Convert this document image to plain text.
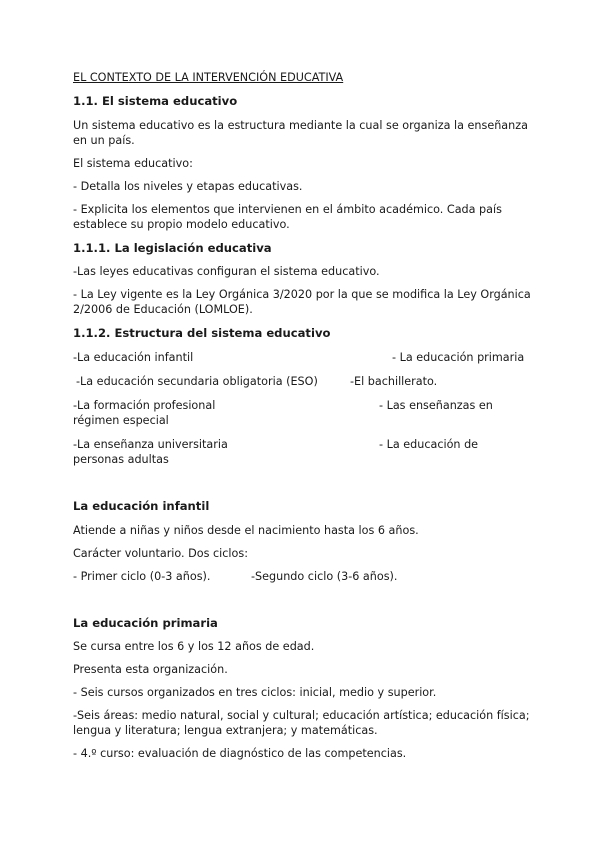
EL CONTEXTO DE LA INTERVENCIÓN EDUCATIVA

1.1. El sistema educativo

Un sistema educativo es la estructura mediante la cual se organiza la enseñanza en un país.

El sistema educativo:

- Detalla los niveles y etapas educativas.

- Explicita los elementos que intervienen en el ámbito académico. Cada país establece su propio modelo educativo.

1.1.1. La legislación educativa

-Las leyes educativas configuran el sistema educativo.

- La Ley vigente es la Ley Orgánica 3/2020 por la que se modifica la Ley Orgánica 2/2006 de Educación (LOMLOE).

1.1.2. Estructura del sistema educativo

-La educación infantil	- La educación primaria
-La educación secundaria obligatoria (ESO)	-El bachillerato.
-La formación profesional	- Las enseñanzas en

régimen especial

-La enseñanza universitaria	- La educación de

personas adultas

La educación infantil

Atiende a niñas y niños desde el nacimiento hasta los 6 años.

Carácter voluntario. Dos ciclos:

- Primer ciclo (0-3 años).	-Segundo ciclo (3-6 años).

La educación primaria

Se cursa entre los 6 y los 12 años de edad.

Presenta esta organización.

- Seis cursos organizados en tres ciclos: inicial, medio y superior.

-Seis áreas: medio natural, social y cultural; educación artística; educación física; lengua y literatura; lengua extranjera; y matemáticas.

- 4.º curso: evaluación de diagnóstico de las competencias.
